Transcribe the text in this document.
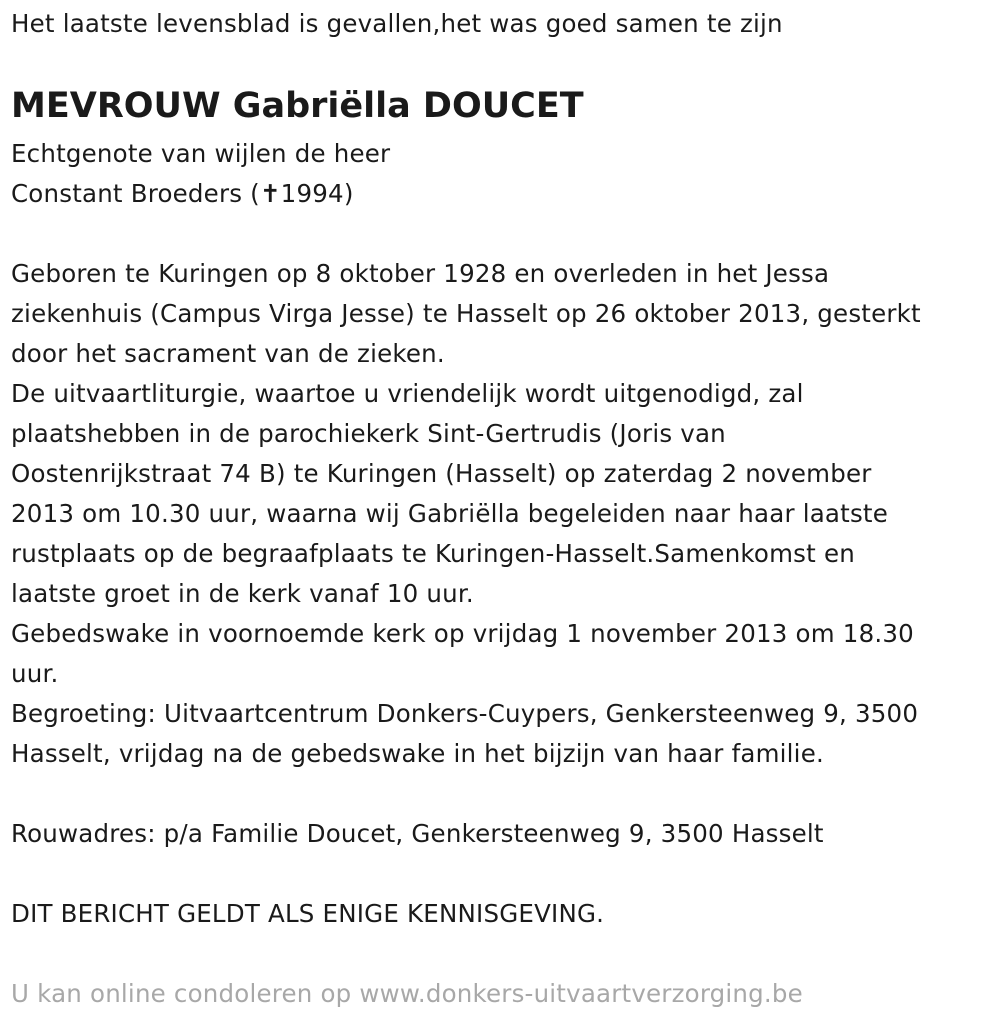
Het laatste levensblad is gevallen,het was goed samen te zijn
MEVROUW Gabriëlla DOUCET
Echtgenote van wijlen de heer
Constant Broeders (✝1994)
Geboren te Kuringen op 8 oktober 1928 en overleden in het Jessa
ziekenhuis (Campus Virga Jesse) te Hasselt op 26 oktober 2013, gesterkt
door het sacrament van de zieken.
De uitvaartliturgie, waartoe u vriendelijk wordt uitgenodigd, zal
plaatshebben in de parochiekerk Sint-Gertrudis (Joris van
Oostenrijkstraat 74 B) te Kuringen (Hasselt) op zaterdag 2 november
2013 om 10.30 uur, waarna wij Gabriëlla begeleiden naar haar laatste
rustplaats op de begraafplaats te Kuringen-Hasselt.Samenkomst en
laatste groet in de kerk vanaf 10 uur.
Gebedswake in voornoemde kerk op vrijdag 1 november 2013 om 18.30
uur.
Begroeting: Uitvaartcentrum Donkers-Cuypers, Genkersteenweg 9, 3500
Hasselt, vrijdag na de gebedswake in het bijzijn van haar familie.
Rouwadres: p/a Familie Doucet, Genkersteenweg 9, 3500 Hasselt
DIT BERICHT GELDT ALS ENIGE KENNISGEVING.
U kan online condoleren op www.donkers-uitvaartverzorging.be
